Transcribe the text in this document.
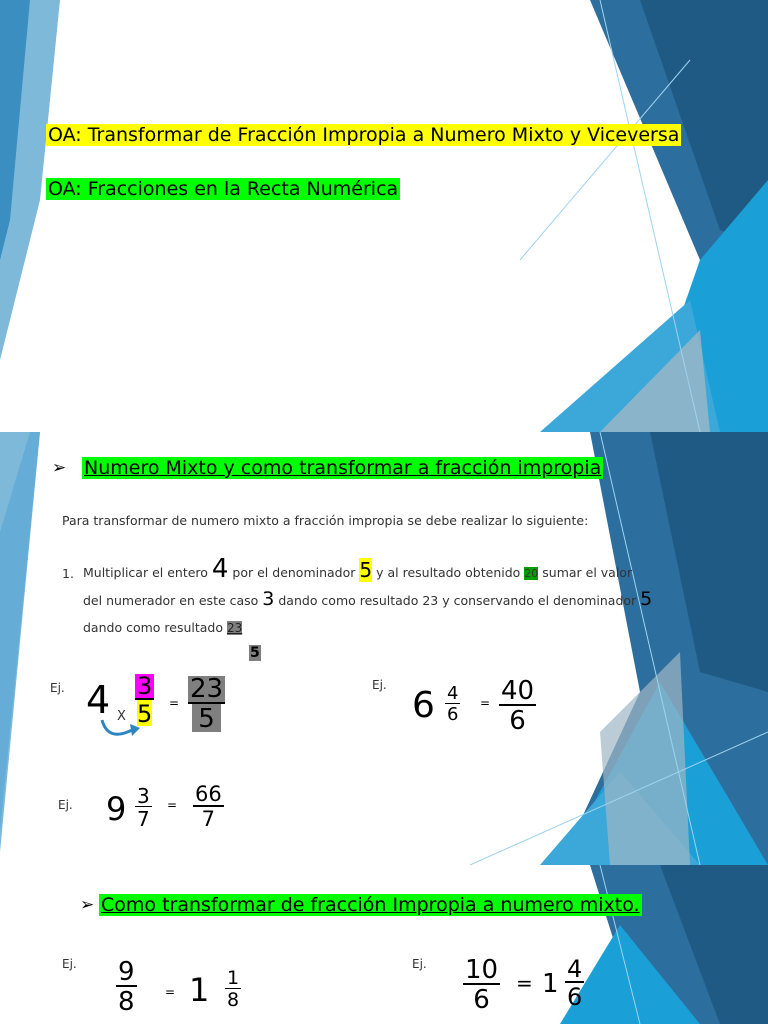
OA: Transformar de Fracción Impropia a Numero Mixto y Viceversa
OA: Fracciones en la Recta Numérica
➢ Numero Mixto y como transformar a fracción impropia
Para transformar de numero mixto a fracción impropia se debe realizar lo siguiente:
1. Multiplicar el entero 4 por el denominador 5 y al resultado obtenido 20 sumar el valor
del numerador en este caso 3 dando como resultado 23 y conservando el denominador 5
dando como resultado 23
5
Ej. 4 X $\frac{3}{5} = \frac{23}{5}$	Ej. $6 \frac{4}{6} = \frac{40}{6}$
Ej. $9 \frac{3}{7} = \frac{66}{7}$
➢ Como transformar de fracción Impropia a numero mixto.
Ej. $\frac{9}{8} = 1 \frac{1}{8}$
Ej. $\frac{10}{6} = 1 \frac{4}{6}$
